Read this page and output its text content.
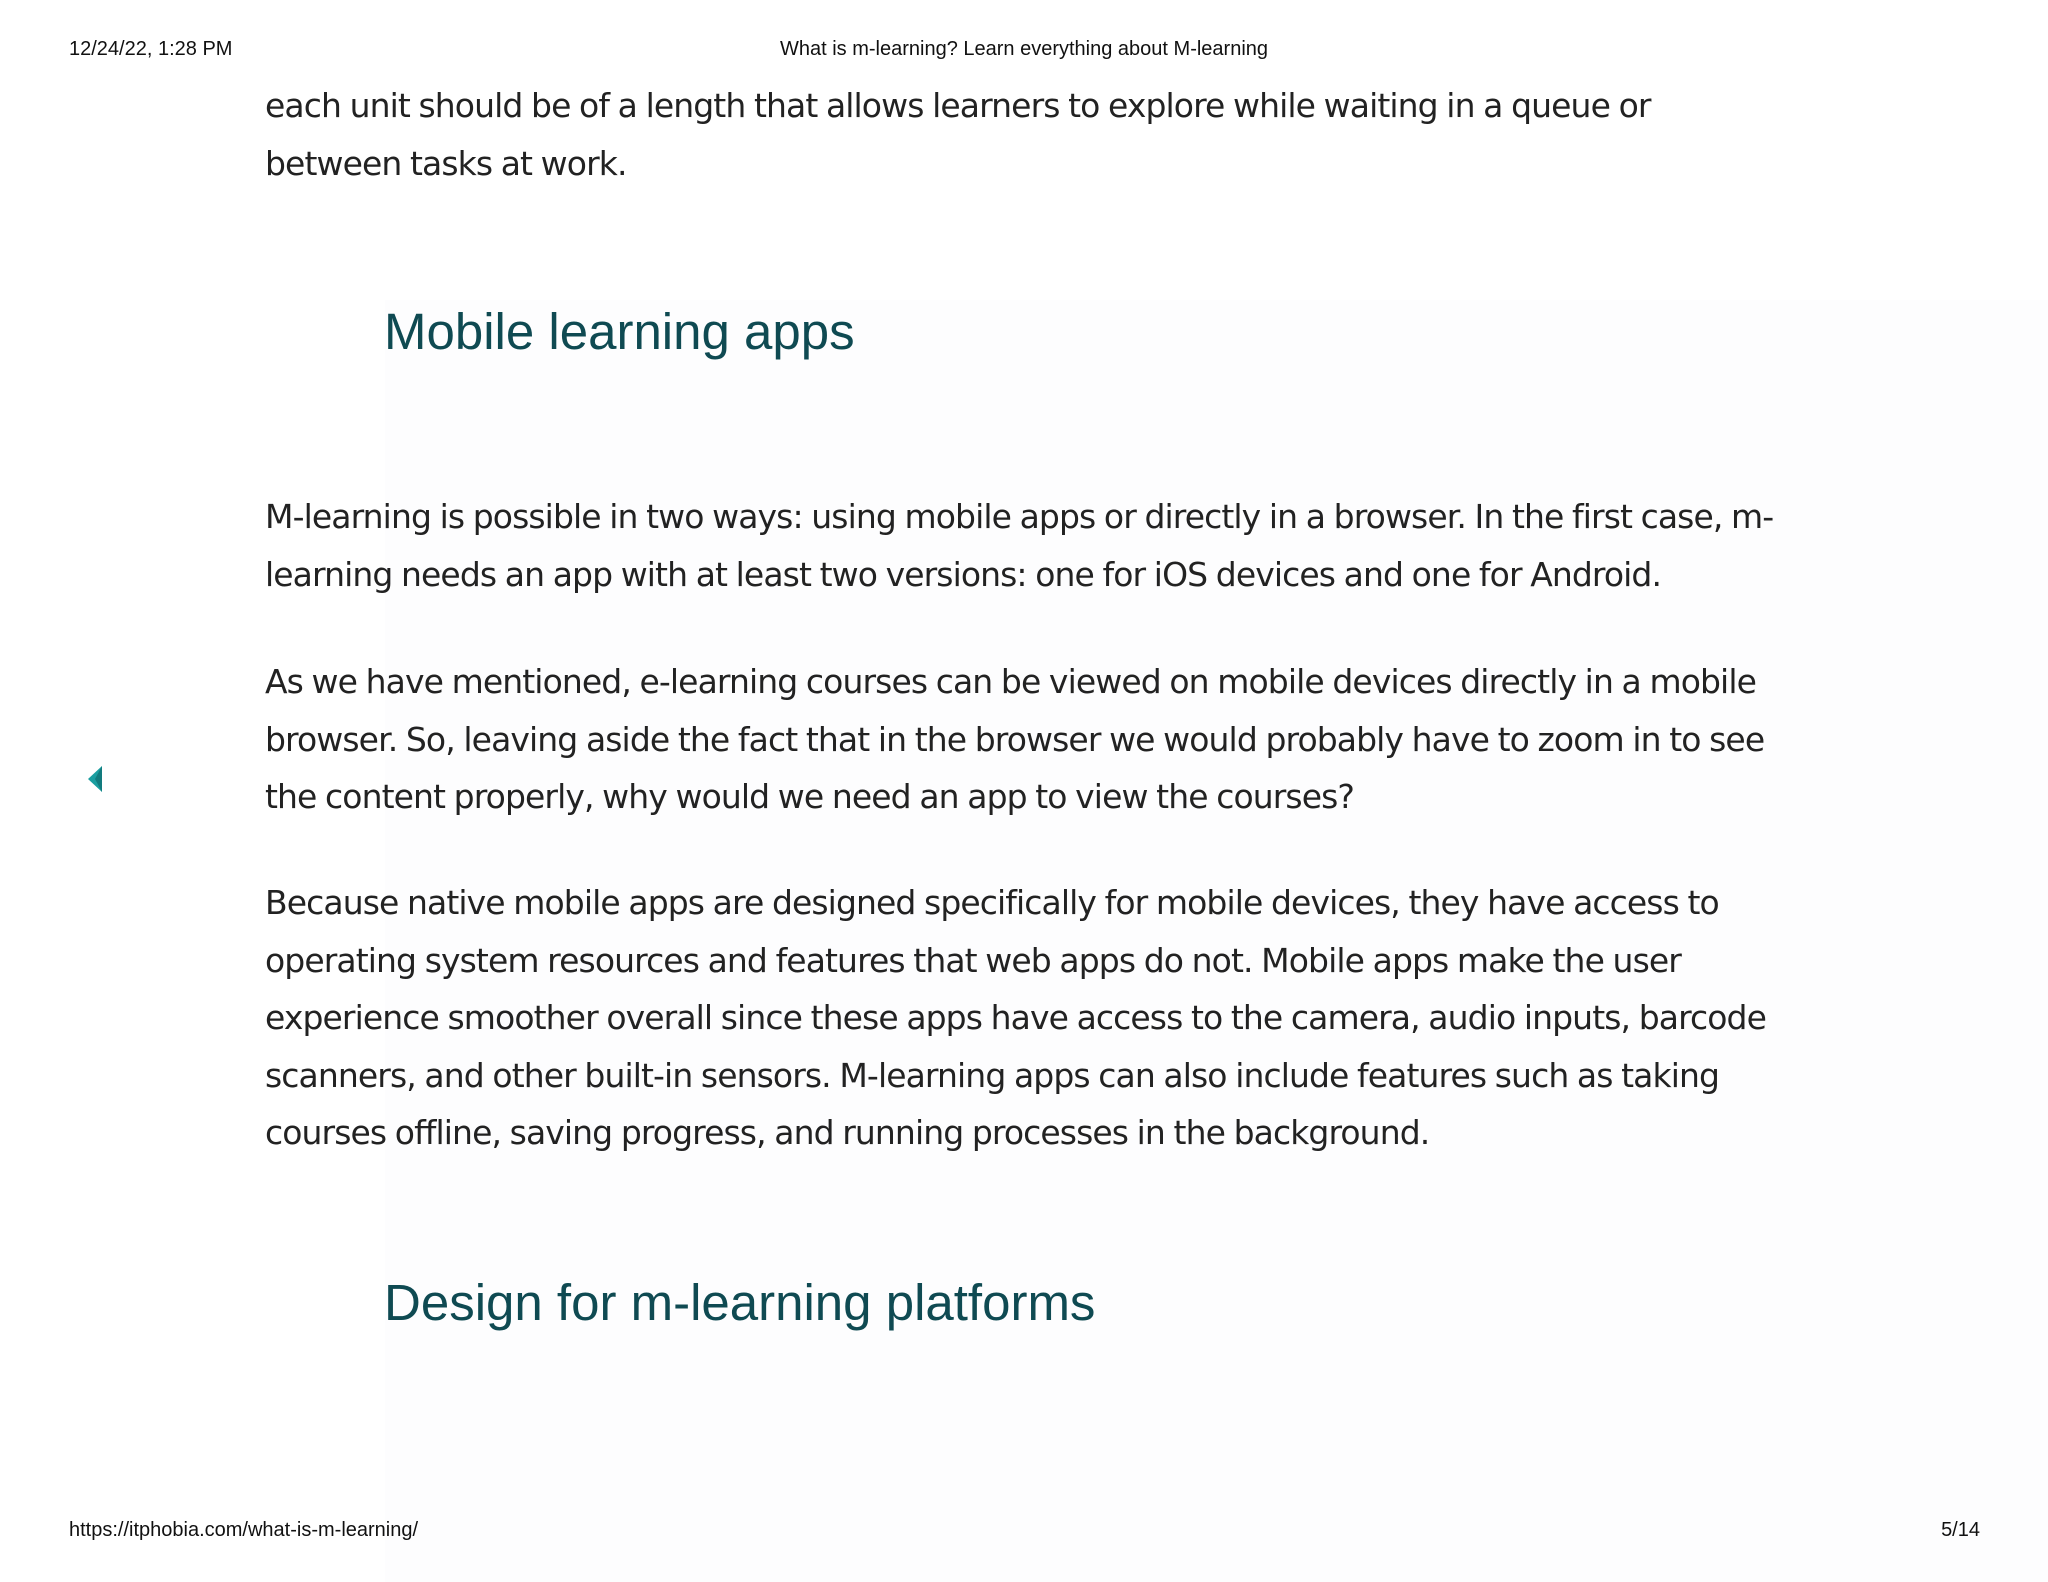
12/24/22, 1:28 PM	What is m-learning? Learn everything about M-learning

each unit should be of a length that allows learners to explore while waiting in a queue or between tasks at work.

Mobile learning apps

M-learning is possible in two ways: using mobile apps or directly in a browser. In the first case, m-learning needs an app with at least two versions: one for iOS devices and one for Android.

As we have mentioned, e-learning courses can be viewed on mobile devices directly in a mobile browser. So, leaving aside the fact that in the browser we would probably have to zoom in to see the content properly, why would we need an app to view the courses?

Because native mobile apps are designed specifically for mobile devices, they have access to operating system resources and features that web apps do not. Mobile apps make the user experience smoother overall since these apps have access to the camera, audio inputs, barcode scanners, and other built-in sensors. M-learning apps can also include features such as taking courses offline, saving progress, and running processes in the background.

Design for m-learning platforms
https://itphobia.com/what-is-m-learning/	5/14
